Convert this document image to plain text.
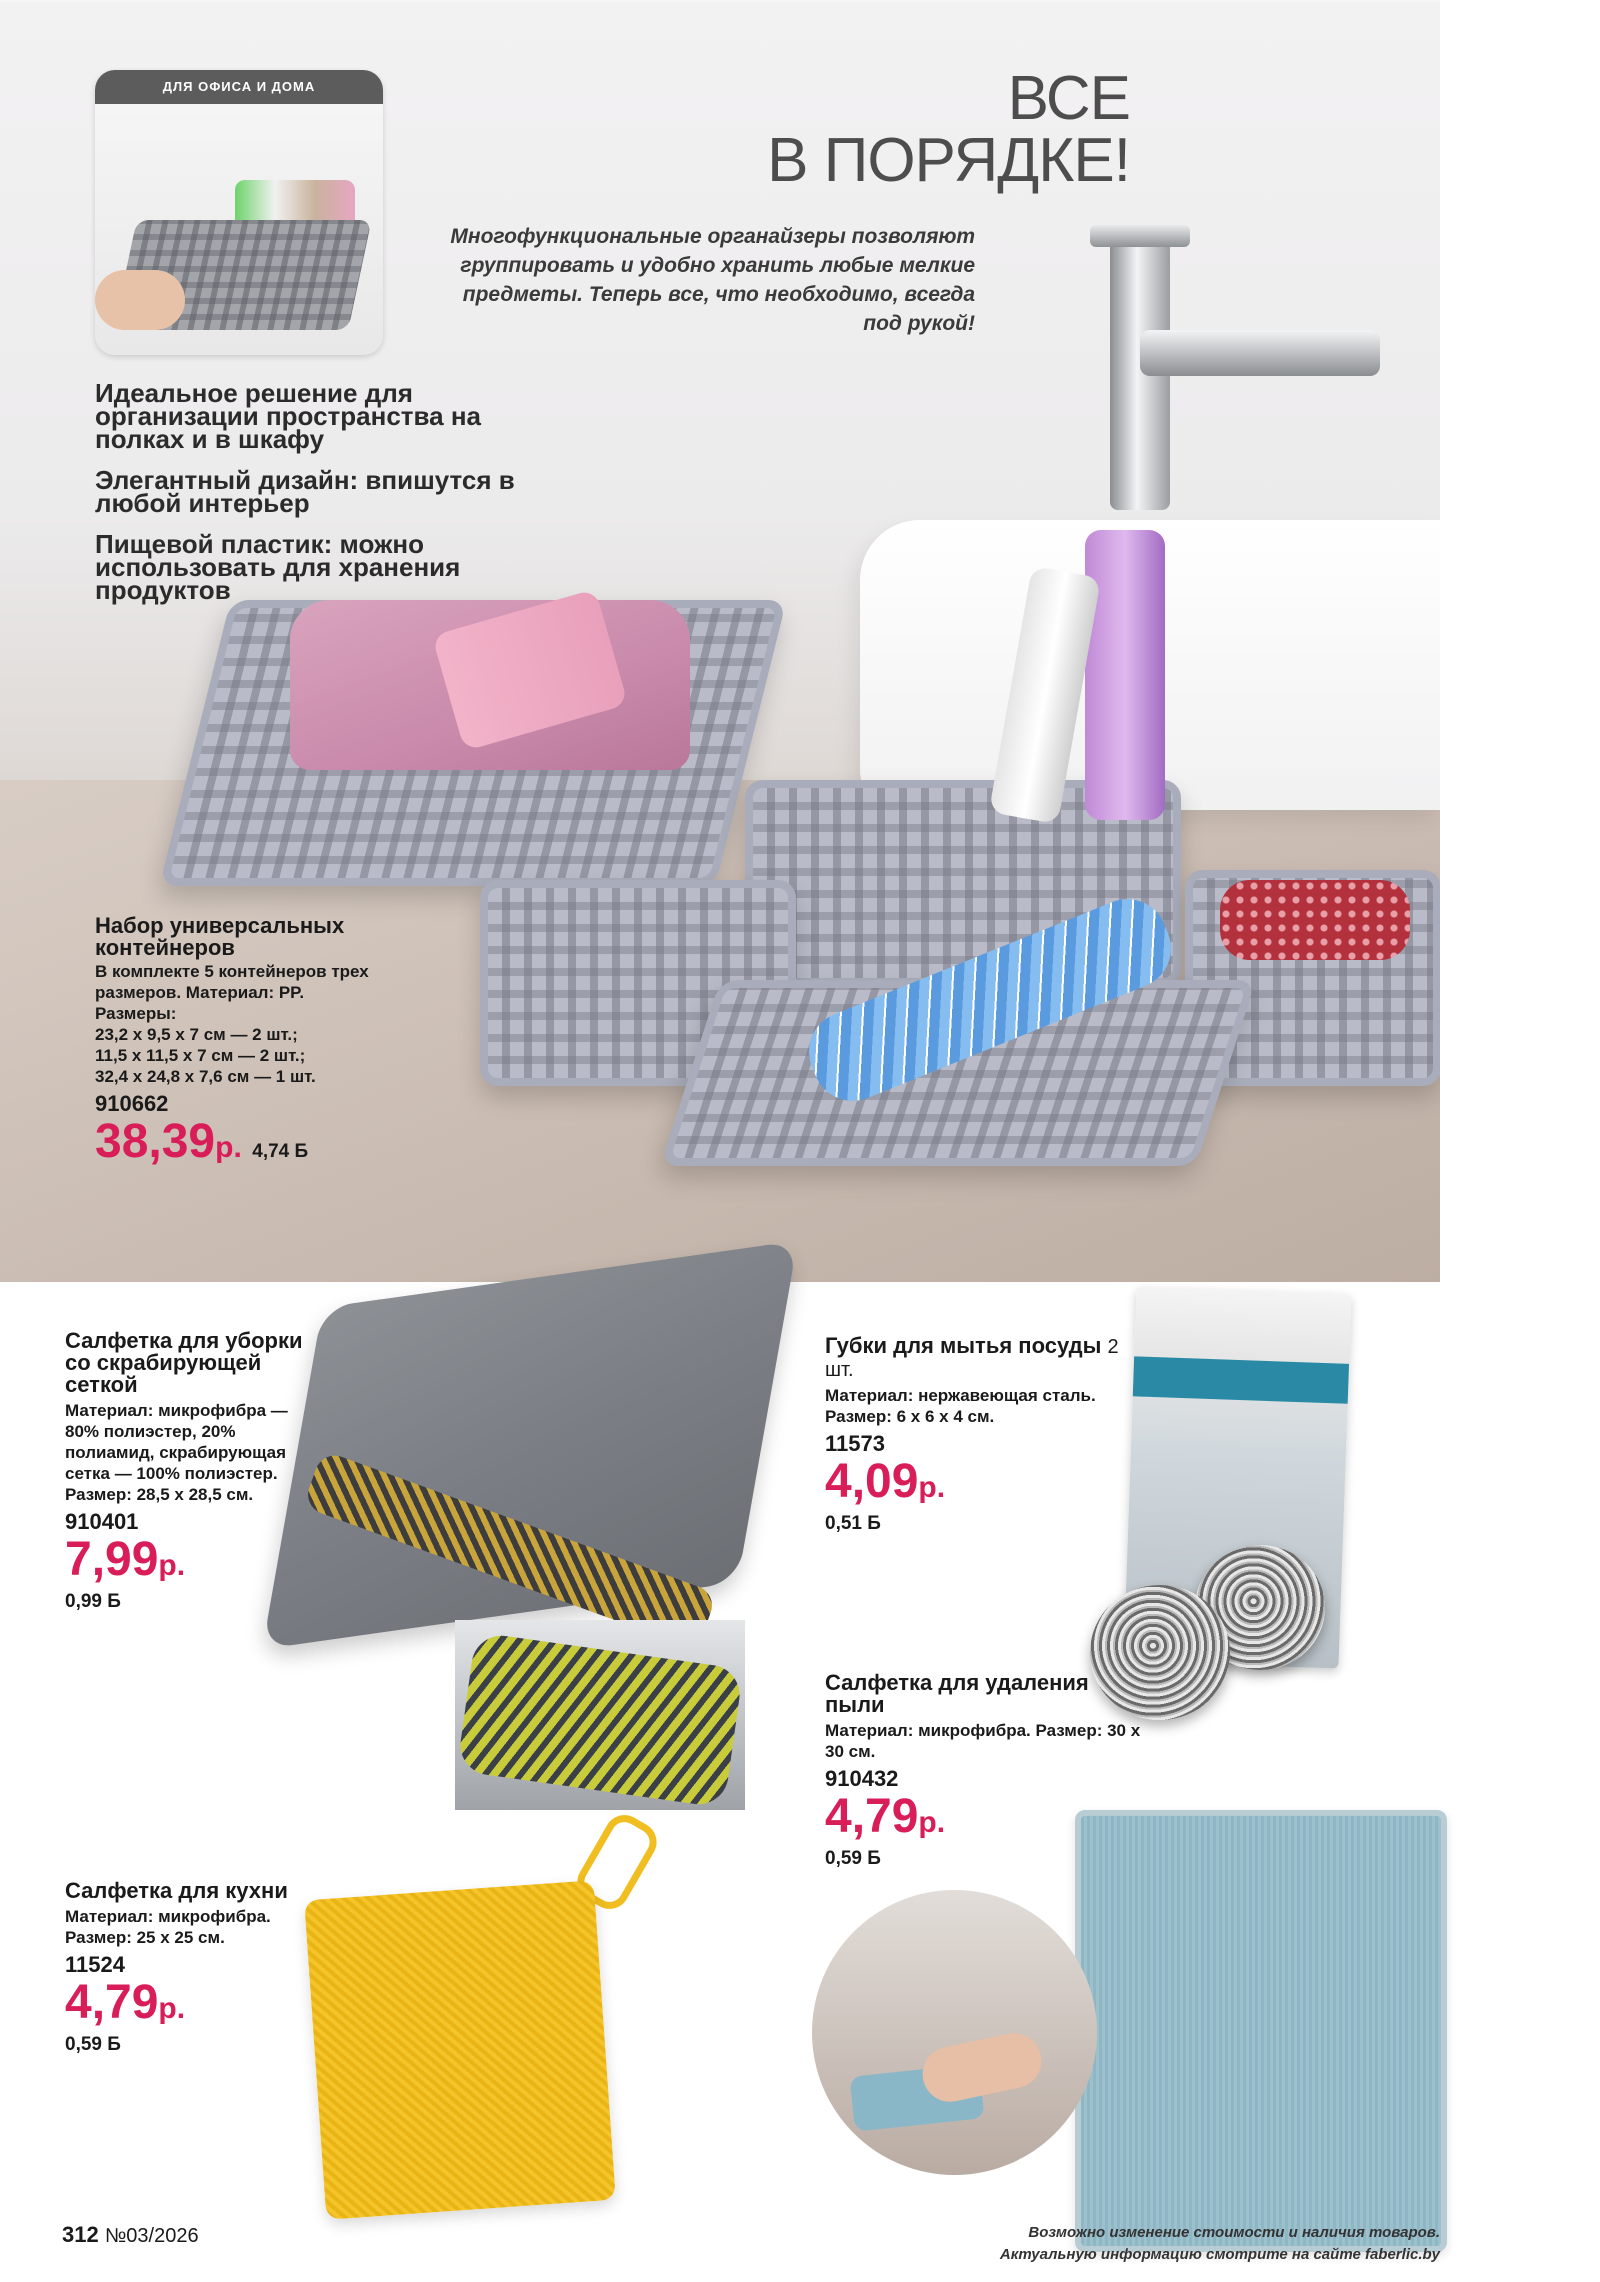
ДЛЯ ОФИСА И ДОМА	ВСЕ
В ПОРЯДКЕ!
Многофункциональные органайзеры позволяют группировать и удобно хранить любые мелкие предметы. Теперь все, что необходимо, всегда под рукой!
Идеальное решение для организации пространства на полках и в шкафу
Элегантный дизайн: впишутся в любой интерьер
Пищевой пластик: можно использовать для хранения продуктов
Набор универсальных контейнеров
В комплекте 5 контейнеров трех размеров. Материал: PP.
Размеры:
23,2 х 9,5 х 7 см — 2 шт.;
11,5 х 11,5 х 7 см — 2 шт.;
32,4 х 24,8 х 7,6 см — 1 шт.
910662
38,39р. 4,74 Б
Салфетка для уборки со скрабирующей сеткой
Материал: микрофибра — 80% полиэстер, 20% полиамид, скрабирующая сетка — 100% полиэстер. Размер: 28,5 х 28,5 см.
910401
7,99р.
0,99 Б
Салфетка для кухни
Материал: микрофибра. Размер: 25 х 25 см.
11524
4,79р.
0,59 Б
Губки для мытья посуды 2 шт.
Материал: нержавеющая сталь. Размер: 6 х 6 х 4 см.
11573
4,09р.
0,51 Б
Салфетка для удаления пыли
Материал: микрофибра. Размер: 30 х 30 см.
910432
4,79р.
0,59 Б
312 №03/2026	Возможно изменение стоимости и наличия товаров.
Актуальную информацию смотрите на сайте faberlic.by
